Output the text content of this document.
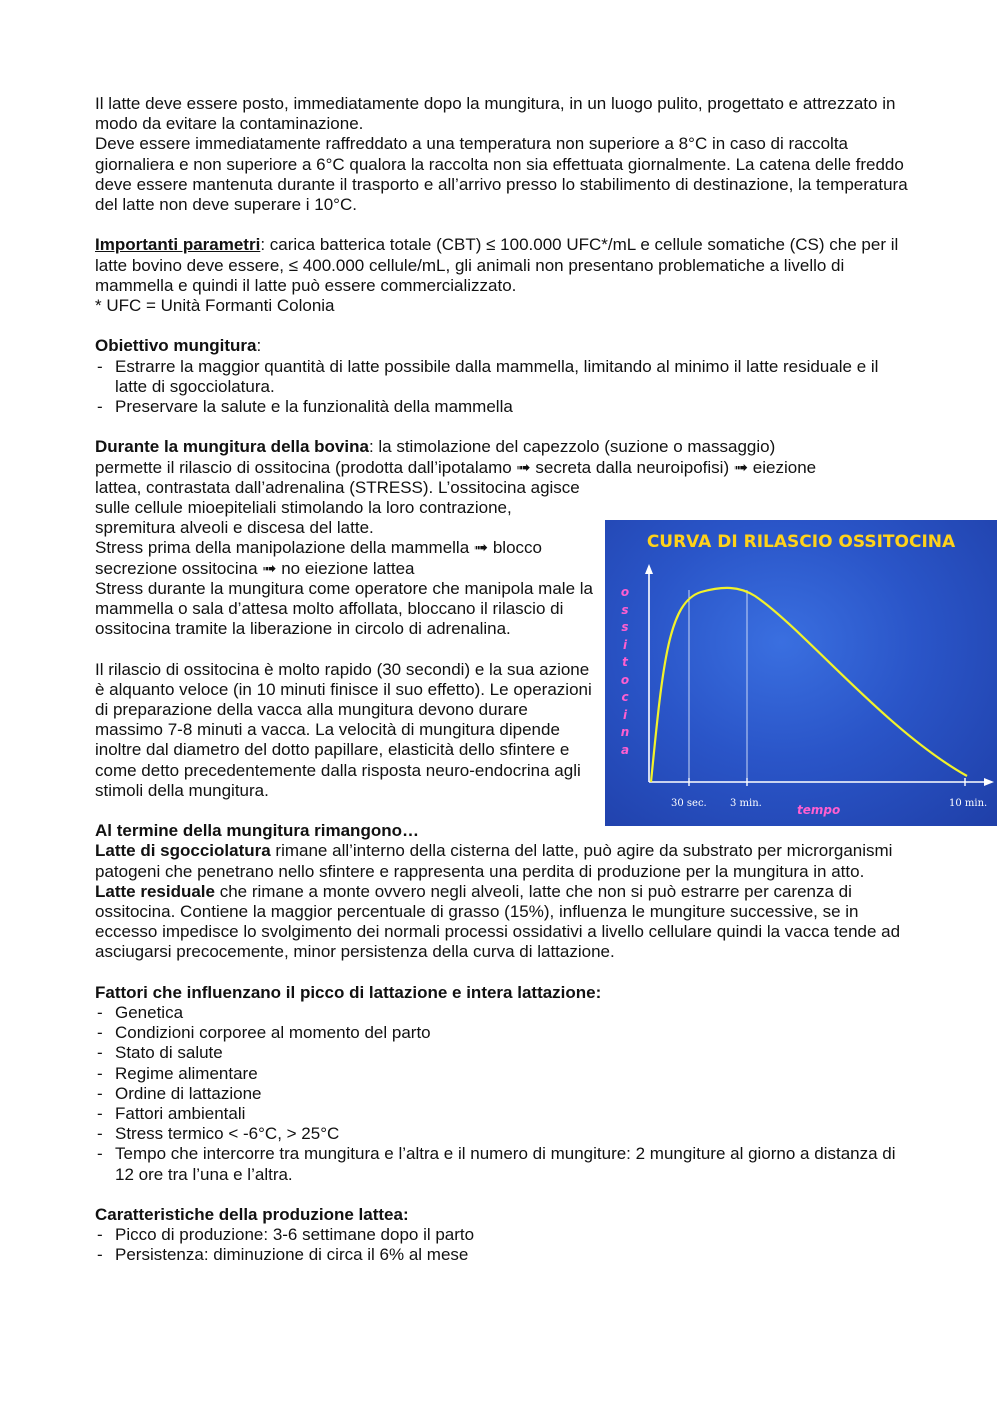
Il latte deve essere posto, immediatamente dopo la mungitura, in un luogo pulito, progettato e attrezzato in modo da evitare la contaminazione.

Deve essere immediatamente raffreddato a una temperatura non superiore a 8°C in caso di raccolta giornaliera e non superiore a 6°C qualora la raccolta non sia effettuata giornalmente. La catena delle freddo deve essere mantenuta durante il trasporto e all’arrivo presso lo stabilimento di destinazione, la temperatura del latte non deve superare i 10°C.

Importanti parametri: carica batterica totale (CBT) ≤ 100.000 UFC*/mL e cellule somatiche (CS) che per il latte bovino deve essere, ≤ 400.000 cellule/mL, gli animali non presentano problematiche a livello di mammella e quindi il latte può essere commercializzato.

* UFC = Unità Formanti Colonia

Obiettivo mungitura:

- Estrarre la maggior quantità di latte possibile dalla mammella, limitando al minimo il latte residuale e il latte di sgocciolatura.
- Preservare la salute e la funzionalità della mammella

Durante la mungitura della bovina: la stimolazione del capezzolo (suzione o massaggio)

permette il rilascio di ossitocina (prodotta dall’ipotalamo ➟ secreta dalla neuroipofisi) ➟ eiezione

lattea, contrastata dall’adrenalina (STRESS). L’ossitocina agisce sulle cellule mioepiteliali stimolando la loro contrazione, spremitura alveoli e discesa del latte.

Stress prima della manipolazione della mammella ➟ blocco secrezione ossitocina ➟ no eiezione lattea

Stress durante la mungitura come operatore che manipola male la mammella o sala d’attesa molto affollata, bloccano il rilascio di ossitocina tramite la liberazione in circolo di adrenalina.

Il rilascio di ossitocina è molto rapido (30 secondi) e la sua azione è alquanto veloce (in 10 minuti finisce il suo effetto). Le operazioni di preparazione della vacca alla mungitura devono durare massimo 7-8 minuti a vacca. La velocità di mungitura dipende inoltre dal diametro del dotto papillare, elasticità dello sfintere e come detto precedentemente dalla risposta neuro-endocrina agli stimoli della mungitura.

Al termine della mungitura rimangono…

Latte di sgocciolatura rimane all’interno della cisterna del latte, può agire da substrato per microrganismi patogeni che penetrano nello sfintere e rappresenta una perdita di produzione per la mungitura in atto.

Latte residuale che rimane a monte ovvero negli alveoli, latte che non si può estrarre per carenza di ossitocina. Contiene la maggior percentuale di grasso (15%), influenza le mungiture successive, se in eccesso impedisce lo svolgimento dei normali processi ossidativi a livello cellulare quindi la vacca tende ad asciugarsi precocemente, minor persistenza della curva di lattazione.

Fattori che influenzano il picco di lattazione e intera lattazione:

- Genetica
- Condizioni corporee al momento del parto
- Stato di salute
- Regime alimentare
- Ordine di lattazione
- Fattori ambientali
- Stress termico < -6°C, > 25°C
- Tempo che intercorre tra mungitura e l’altra e il numero di mungiture: 2 mungiture al giorno a distanza di 12 ore tra l’una e l’altra.

Caratteristiche della produzione lattea:

- Picco di produzione: 3-6 settimane dopo il parto
- Persistenza: diminuzione di circa il 6% al mese
CURVA DI RILASCIO OSSITOCINA
o
s
s
i
t
o
c
i
n
a
30 sec. 3 min.	10 min.
tempo
